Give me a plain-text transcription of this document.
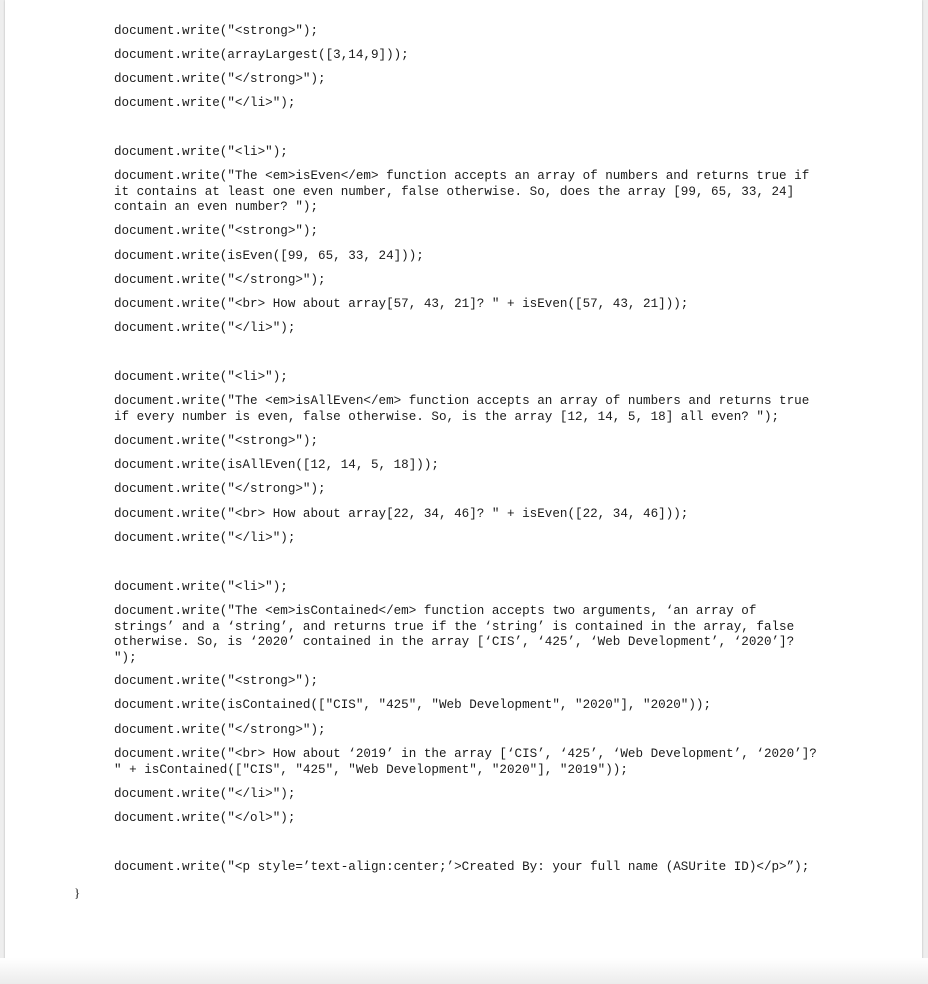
document.write("<strong>");
document.write(arrayLargest([3,14,9]));
document.write("</strong>");
document.write("</li>");
document.write("<li>");
document.write("The <em>isEven</em> function accepts an array of numbers and returns true if
it contains at least one even number, false otherwise. So, does the array [99, 65, 33, 24]
contain an even number? ");
document.write("<strong>");
document.write(isEven([99, 65, 33, 24]));
document.write("</strong>");
document.write("<br> How about array[57, 43, 21]? " + isEven([57, 43, 21]));
document.write("</li>");
document.write("<li>");
document.write("The <em>isAllEven</em> function accepts an array of numbers and returns true
if every number is even, false otherwise. So, is the array [12, 14, 5, 18] all even? ");
document.write("<strong>");
document.write(isAllEven([12, 14, 5, 18]));
document.write("</strong>");
document.write("<br> How about array[22, 34, 46]? " + isEven([22, 34, 46]));
document.write("</li>");
document.write("<li>");
document.write("The <em>isContained</em> function accepts two arguments, ‘an array of
strings’ and a ‘string’, and returns true if the ‘string’ is contained in the array, false
otherwise. So, is ‘2020’ contained in the array [‘CIS’, ‘425’, ‘Web Development’, ‘2020’]?
");
document.write("<strong>");
document.write(isContained(["CIS", "425", "Web Development", "2020"], "2020"));
document.write("</strong>");
document.write("<br> How about ‘2019’ in the array [‘CIS’, ‘425’, ‘Web Development’, ‘2020’]?
" + isContained(["CIS", "425", "Web Development", "2020"], "2019"));
document.write("</li>");
document.write("</ol>");
document.write("<p style=’text-align:center;’>Created By: your full name (ASUrite ID)</p>”);
}
